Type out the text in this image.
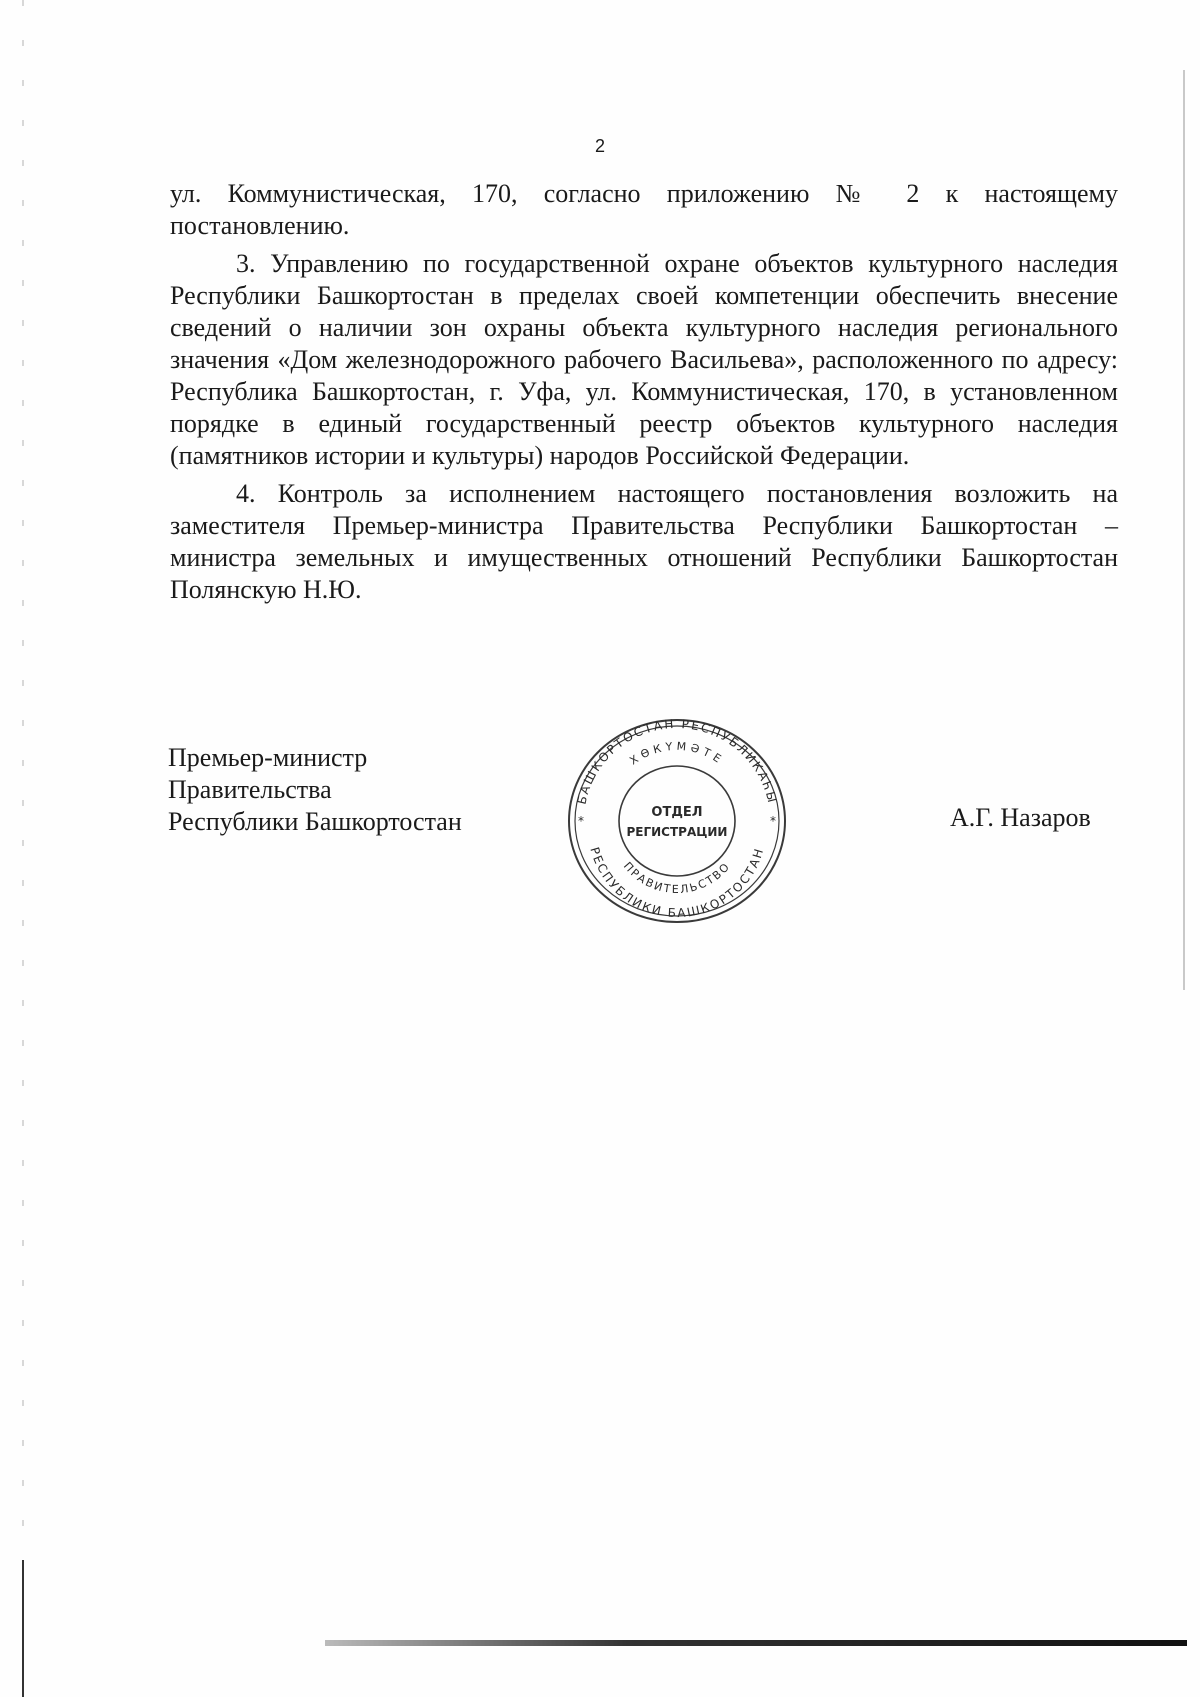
2

ул. Коммунистическая, 170, согласно приложению № 2 к настоящему постановлению.

3. Управлению по государственной охране объектов культурного наследия Республики Башкортостан в пределах своей компетенции обеспечить внесение сведений о наличии зон охраны объекта культурного наследия регионального значения «Дом железнодорожного рабочего Васильева», расположенного по адресу: Республика Башкортостан, г. Уфа, ул. Коммунистическая, 170, в установленном порядке в единый государственный реестр объектов культурного наследия (памятников истории и культуры) народов Российской Федерации.

4. Контроль за исполнением настоящего постановления возложить на заместителя Премьер-министра Правительства Республики Башкортостан – министра земельных и имущественных отношений Республики Башкортостан Полянскую Н.Ю.

Премьер-министр
Правительства
Республики Башкортостан
БАШКОРТОСТАН РЕСПУБЛИКАҺЫ
ХӨКҮМӘТЕ
ПРАВИТЕЛЬСТВО
РЕСПУБЛИКИ БАШКОРТОСТАН
ОТДЕЛ
РЕГИСТРАЦИИ
*	*	А.Г. Назаров
